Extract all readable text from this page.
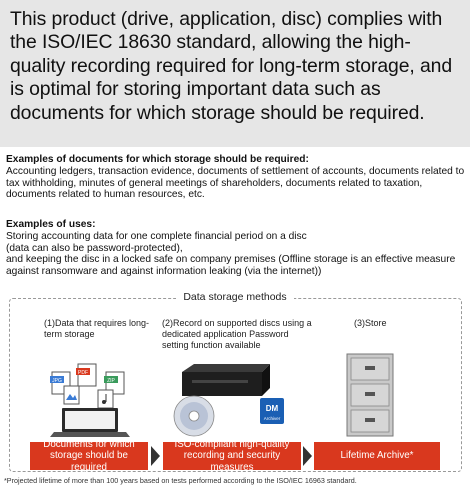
This product (drive, application, disc) complies with the ISO/IEC 18630 standard, allowing the high-quality recording required for long-term storage, and is optimal for storing important data such as documents for which storage should be required.

Examples of documents for which storage should be required:
Accounting ledgers, transaction evidence, documents of settlement of accounts, documents related to tax withholding, minutes of general meetings of shareholders, documents related to taxation, documents related to human resources, etc.
Examples of uses:
Storing accounting data for one complete financial period on a disc
(data can also be password-protected),
and keeping the disc in a locked safe on company premises (Offline storage is an effective measure against ransomware and against information leaking (via the internet))
Data storage methods
(1)Data that requires long-term storage
(2)Record on supported discs using a dedicated application Password setting function available
(3)Store
JPG
PDF
ZIP
DM
Archiver
Documents for which storage should be required
ISO-compliant high-quality recording and security measures
Lifetime Archive*
*Projected lifetime of more than 100 years based on tests performed according to the ISO/IEC 16963 standard.
